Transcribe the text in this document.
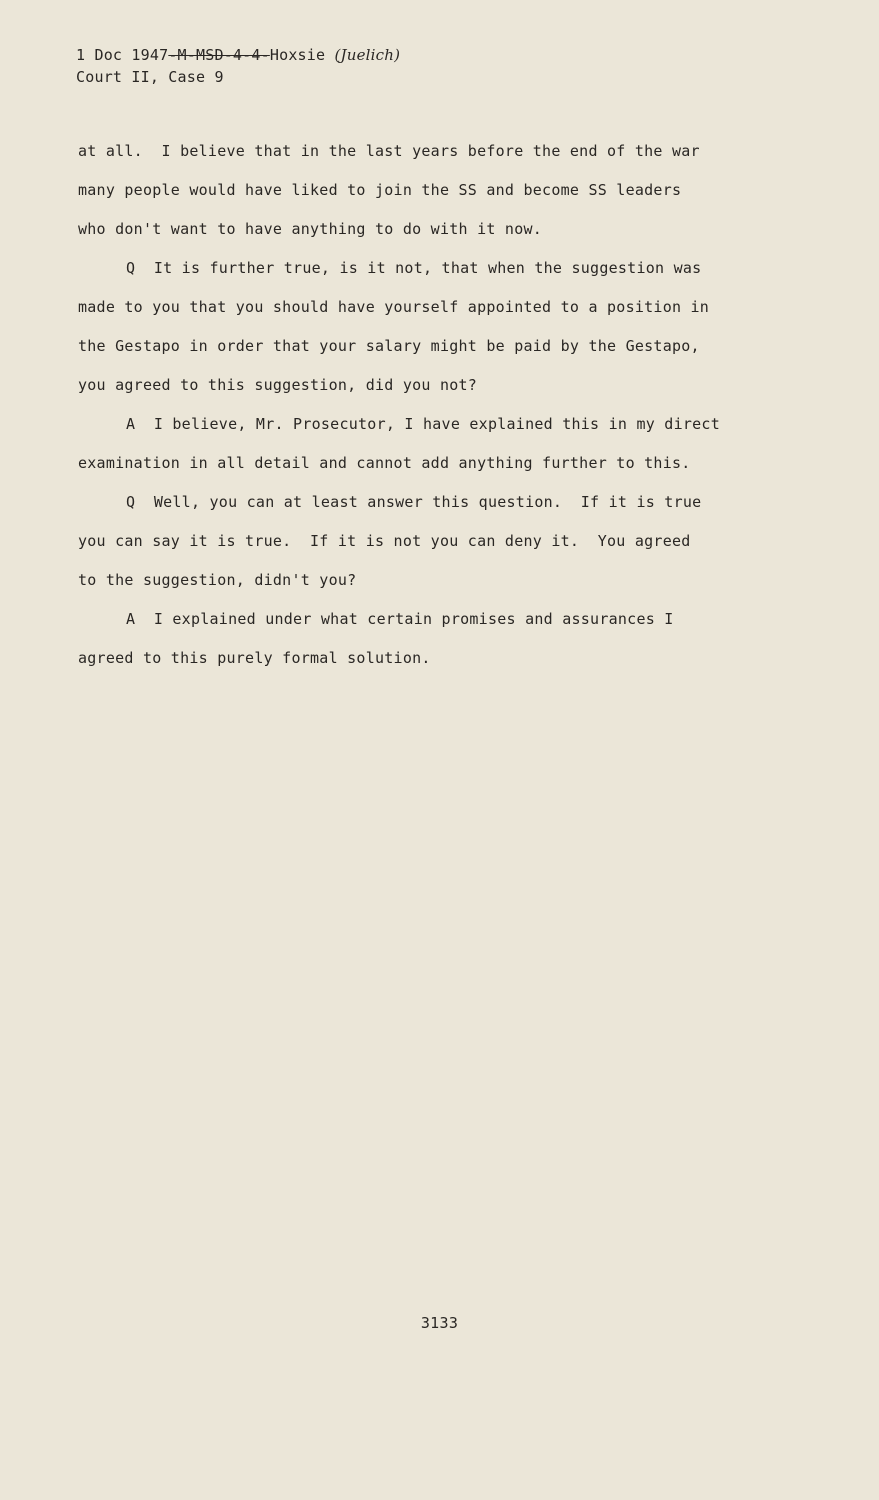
1 Doc 1947-M-MSD-4-4-Hoxsie (Juelich)
Court II, Case 9
at all.  I believe that in the last years before the end of the war
many people would have liked to join the SS and become SS leaders
who don't want to have anything to do with it now.
Q  It is further true, is it not, that when the suggestion was
made to you that you should have yourself appointed to a position in
the Gestapo in order that your salary might be paid by the Gestapo,
you agreed to this suggestion, did you not?
A  I believe, Mr. Prosecutor, I have explained this in my direct
examination in all detail and cannot add anything further to this.
Q  Well, you can at least answer this question.  If it is true
you can say it is true.  If it is not you can deny it.  You agreed
to the suggestion, didn't you?
A  I explained under what certain promises and assurances I
agreed to this purely formal solution.
3133
